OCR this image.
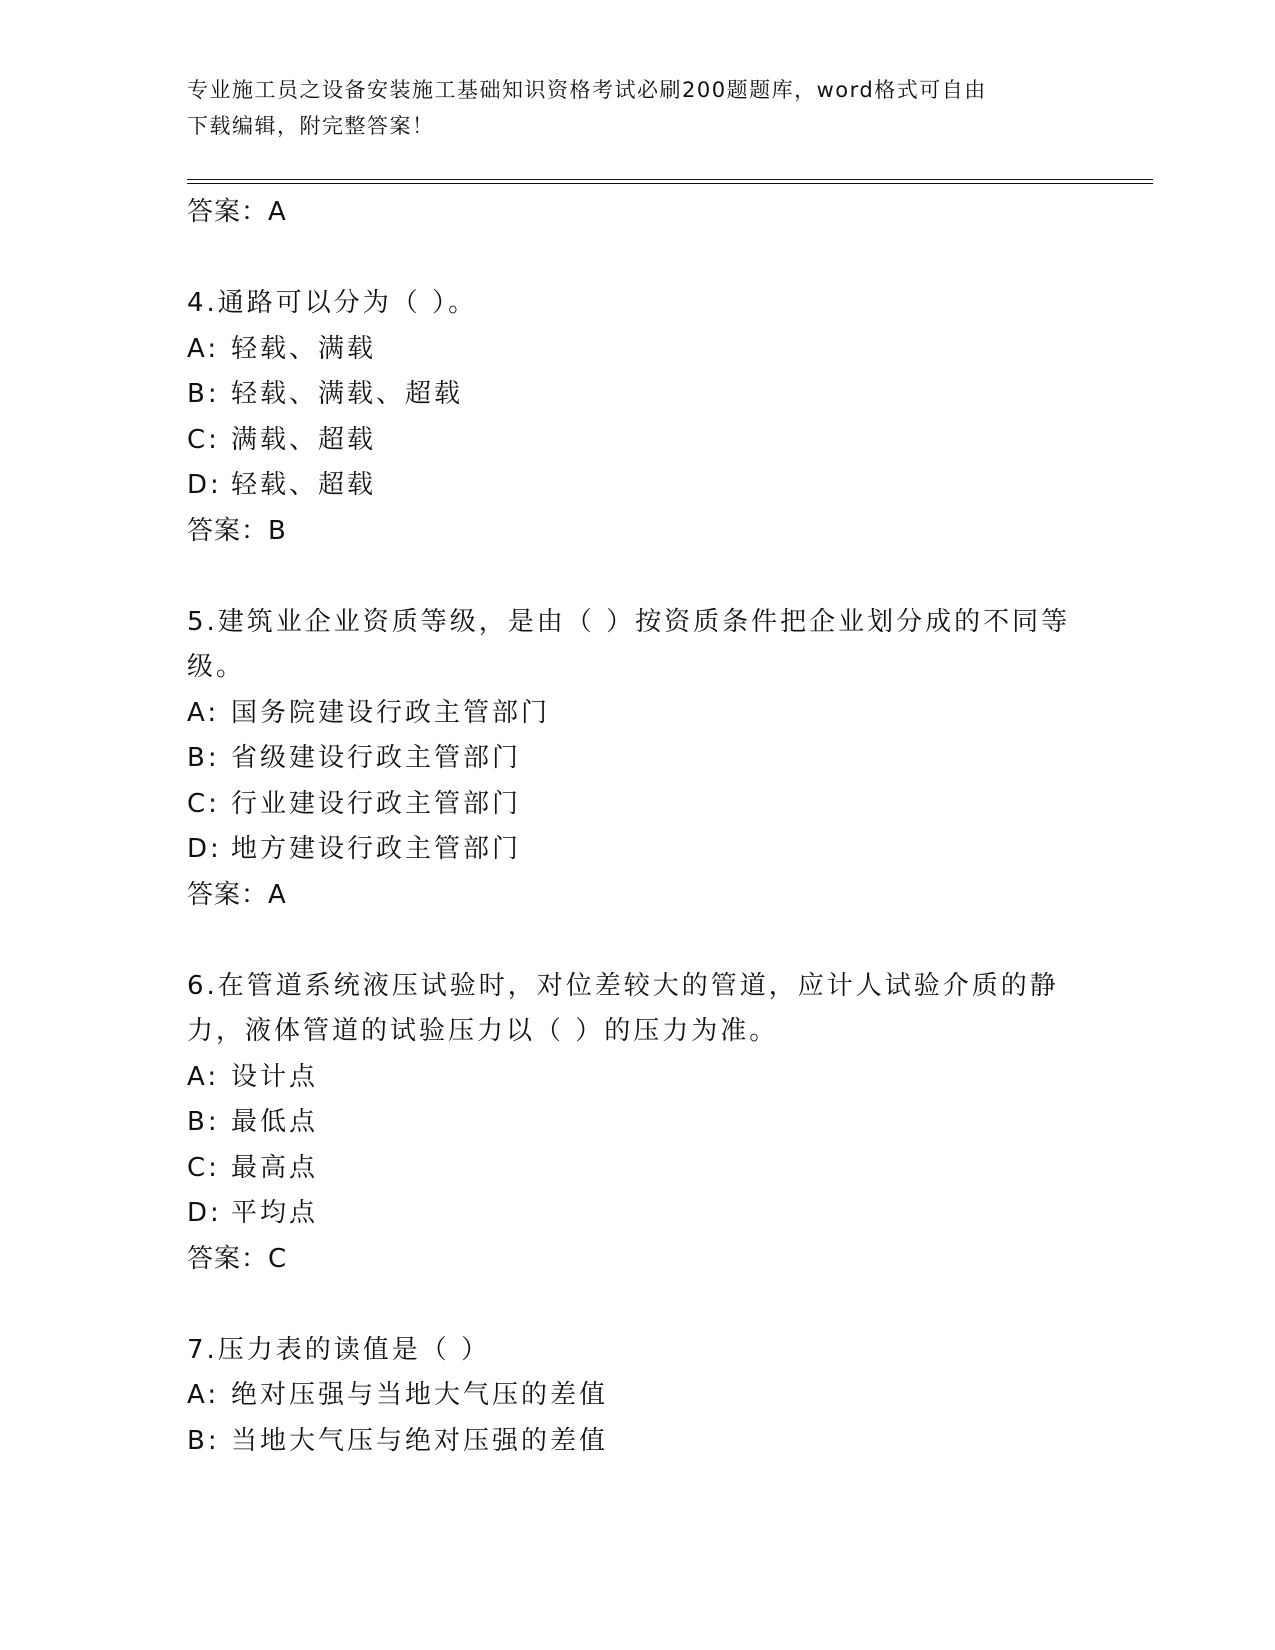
专业施工员之设备安装施工基础知识资格考试必刷200题题库，word格式可自由
下载编辑，附完整答案！
答案：A
4.通路可以分为（ ）。
A: 轻载、满载
B: 轻载、满载、超载
C: 满载、超载
D: 轻载、超载
答案：B
5.建筑业企业资质等级，是由（ ）按资质条件把企业划分成的不同等
级。
A: 国务院建设行政主管部门
B: 省级建设行政主管部门
C: 行业建设行政主管部门
D: 地方建设行政主管部门
答案：A
6.在管道系统液压试验时，对位差较大的管道，应计人试验介质的静
力，液体管道的试验压力以（ ）的压力为准。
A: 设计点
B: 最低点
C: 最高点
D: 平均点
答案：C
7.压力表的读值是（ ）
A: 绝对压强与当地大气压的差值
B: 当地大气压与绝对压强的差值
